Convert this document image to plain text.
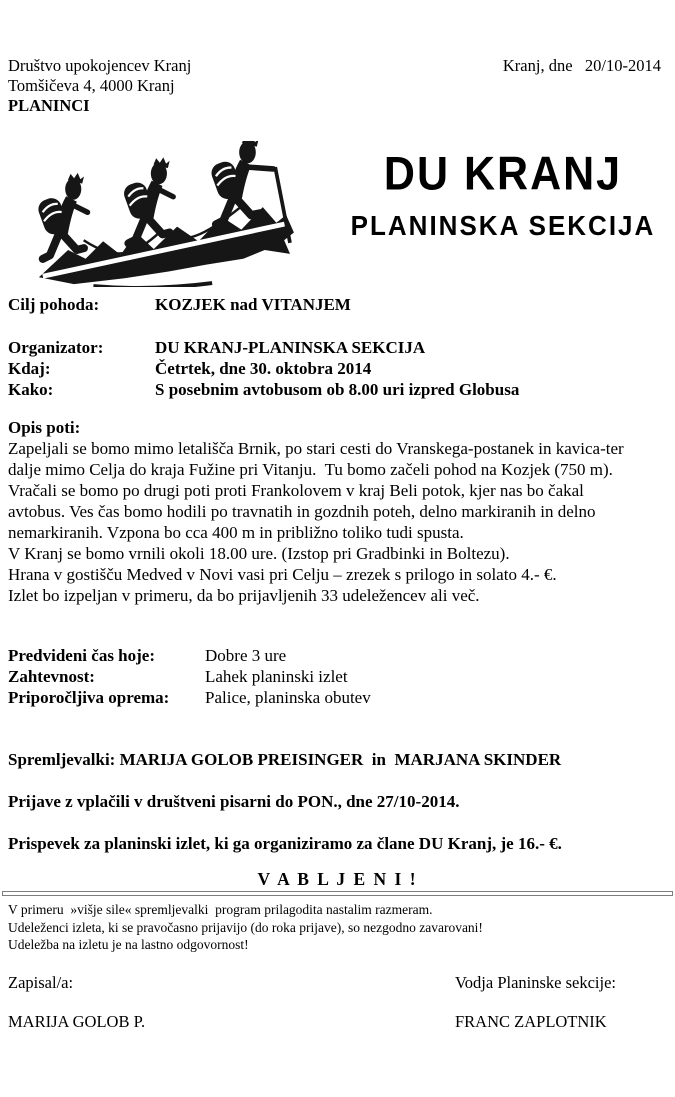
Društvo upokojencev Kranj
Tomšičeva 4, 4000 Kranj
PLANINCI
Kranj, dne   20/10-2014
DU KRANJ
PLANINSKA SEKCIJA
Cilj pohoda:	KOZJEK nad VITANJEM
Organizator:	DU KRANJ-PLANINSKA SEKCIJA
Kdaj:	Četrtek, dne 30. oktobra 2014
Kako:	S posebnim avtobusom ob 8.00 uri izpred Globusa
Opis poti:
Zapeljali se bomo mimo letališča Brnik, po stari cesti do Vranskega-postanek in kavica-ter
dalje mimo Celja do kraja Fužine pri Vitanju.  Tu bomo začeli pohod na Kozjek (750 m).
Vračali se bomo po drugi poti proti Frankolovem v kraj Beli potok, kjer nas bo čakal
avtobus. Ves čas bomo hodili po travnatih in gozdnih poteh, delno markiranih in delno
nemarkiranih. Vzpona bo cca 400 m in približno toliko tudi spusta.
V Kranj se bomo vrnili okoli 18.00 ure. (Izstop pri Gradbinki in Boltezu).
Hrana v gostišču Medved v Novi vasi pri Celju – zrezek s prilogo in solato 4.- €.
Izlet bo izpeljan v primeru, da bo prijavljenih 33 udeležencev ali več.
Predvideni čas hoje:	Dobre 3 ure
Zahtevnost:	Lahek planinski izlet
Priporočljiva oprema:	Palice, planinska obutev
Spremljevalki: MARIJA GOLOB PREISINGER  in  MARJANA SKINDER
Prijave z vplačili v društveni pisarni do PON., dne 27/10-2014.
Prispevek za planinski izlet, ki ga organiziramo za člane DU Kranj, je 16.- €.
V A B L J E N I !
V primeru  »višje sile« spremljevalki  program prilagodita nastalim razmeram.
Udeleženci izleta, ki se pravočasno prijavijo (do roka prijave), so nezgodno zavarovani!
Udeležba na izletu je na lastno odgovornost!
Zapisal/a:
MARIJA GOLOB P.
Vodja Planinske sekcije:
FRANC ZAPLOTNIK
